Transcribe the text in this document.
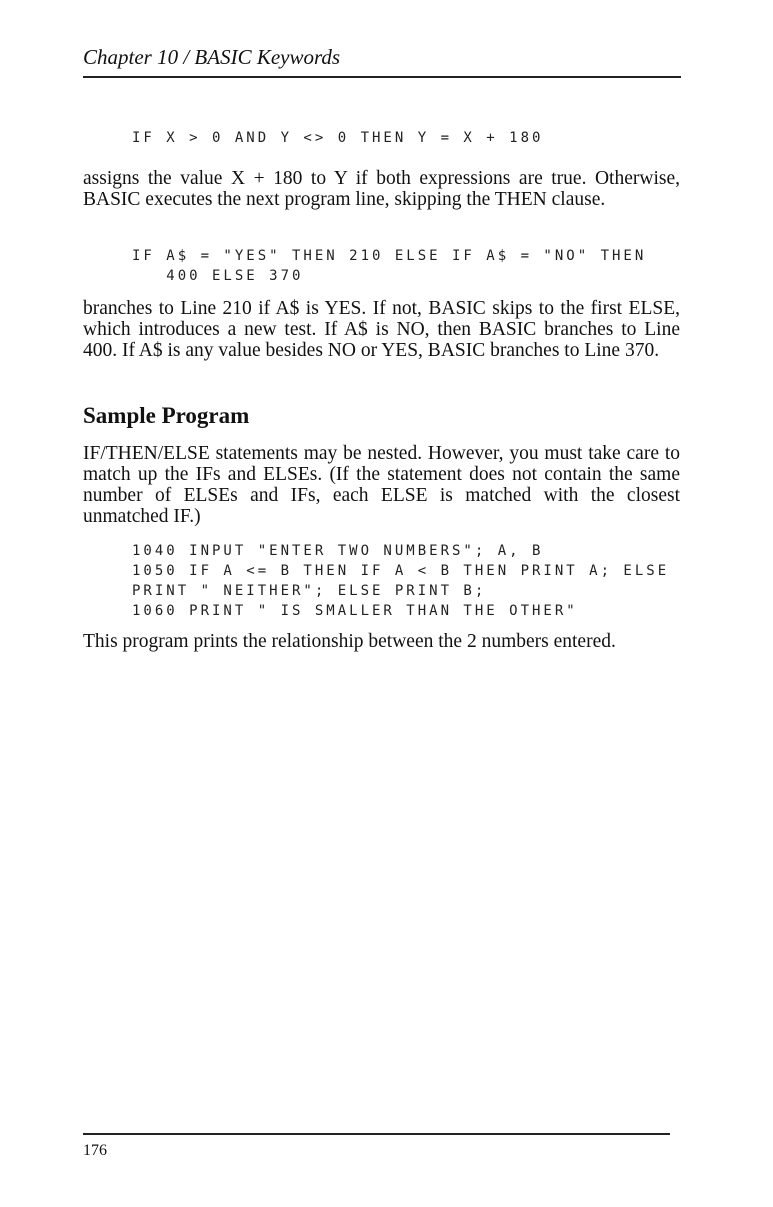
Chapter 10 / BASIC Keywords
IF X > 0 AND Y <> 0 THEN Y = X + 180

assigns the value X + 180 to Y if both expressions are true. Otherwise, BASIC executes the next program line, skipping the THEN clause.

IF A$ = "YES" THEN 210 ELSE IF A$ = "NO" THEN
400 ELSE 370

branches to Line 210 if A$ is YES. If not, BASIC skips to the first ELSE, which introduces a new test. If A$ is NO, then BASIC branches to Line 400. If A$ is any value besides NO or YES, BASIC branches to Line 370.

Sample Program

IF/THEN/ELSE statements may be nested. However, you must take care to match up the IFs and ELSEs. (If the statement does not contain the same number of ELSEs and IFs, each ELSE is matched with the closest unmatched IF.)

1040 INPUT "ENTER TWO NUMBERS"; A, B
1050 IF A <= B THEN IF A < B THEN PRINT A; ELSE
PRINT " NEITHER"; ELSE PRINT B;
1060 PRINT " IS SMALLER THAN THE OTHER"

This program prints the relationship between the 2 numbers entered.

176
